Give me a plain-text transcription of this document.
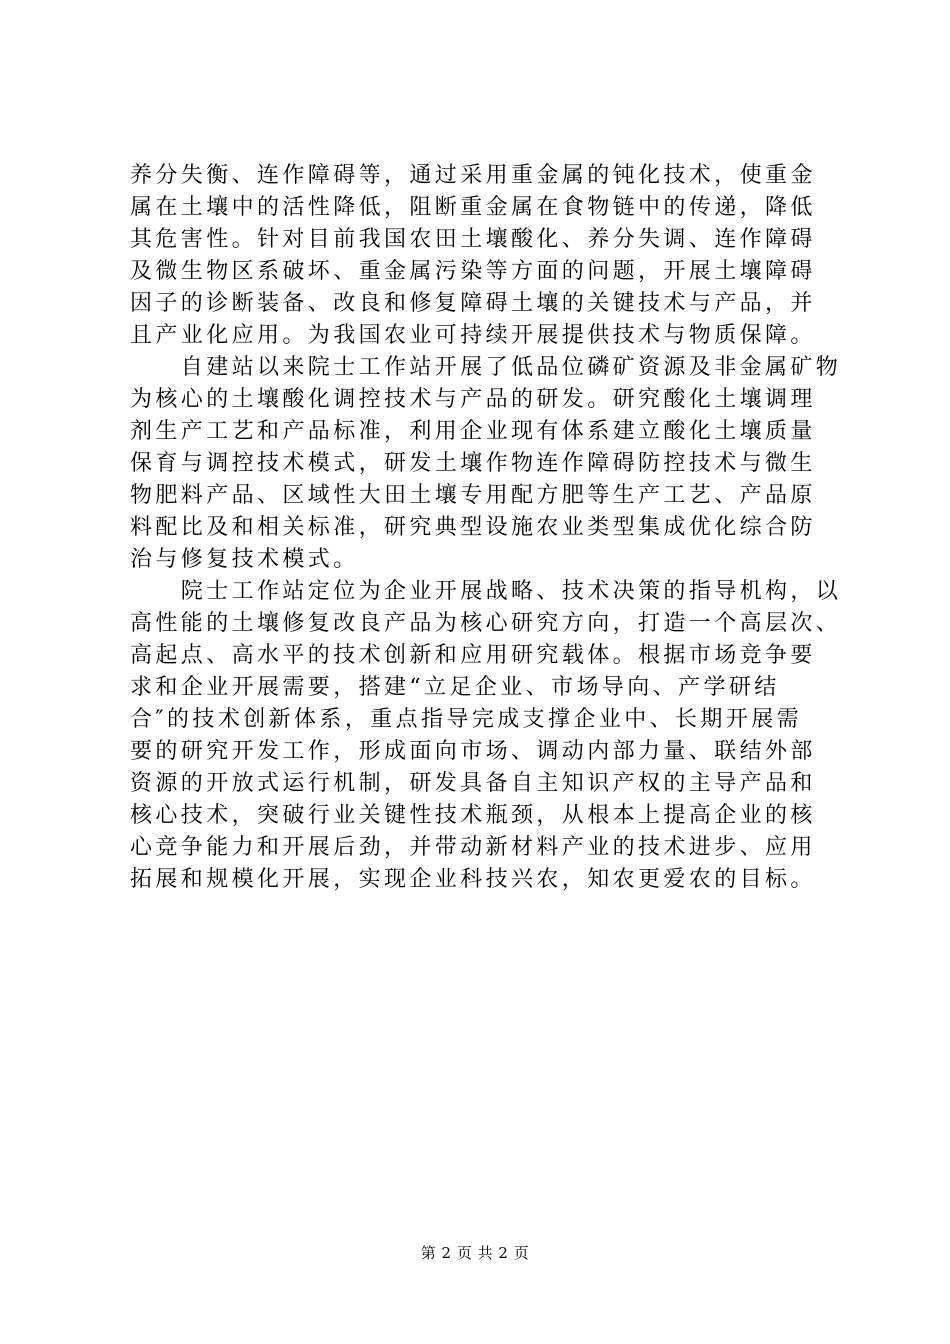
养分失衡、连作障碍等，通过采用重金属的钝化技术，使重金
属在土壤中的活性降低，阻断重金属在食物链中的传递，降低
其危害性。针对目前我国农田土壤酸化、养分失调、连作障碍
及微生物区系破坏、重金属污染等方面的问题，开展土壤障碍
因子的诊断装备、改良和修复障碍土壤的关键技术与产品，并
且产业化应用。为我国农业可持续开展提供技术与物质保障。
　　自建站以来院士工作站开展了低品位磷矿资源及非金属矿物
为核心的土壤酸化调控技术与产品的研发。研究酸化土壤调理
剂生产工艺和产品标准，利用企业现有体系建立酸化土壤质量
保育与调控技术模式，研发土壤作物连作障碍防控技术与微生
物肥料产品、区域性大田土壤专用配方肥等生产工艺、产品原
料配比及和相关标准，研究典型设施农业类型集成优化综合防
治与修复技术模式。
　　院士工作站定位为企业开展战略、技术决策的指导机构，以
高性能的土壤修复改良产品为核心研究方向，打造一个高层次、
高起点、高水平的技术创新和应用研究载体。根据市场竞争要
求和企业开展需要，搭建“立足企业、市场导向、产学研结
合″的技术创新体系，重点指导完成支撑企业中、长期开展需
要的研究开发工作，形成面向市场、调动内部力量、联结外部
资源的开放式运行机制，研发具备自主知识产权的主导产品和
核心技术，突破行业关键性技术瓶颈，从根本上提高企业的核
心竞争能力和开展后劲，并带动新材料产业的技术进步、应用
拓展和规模化开展，实现企业科技兴农，知农更爱农的目标。
第 2 页 共 2 页
